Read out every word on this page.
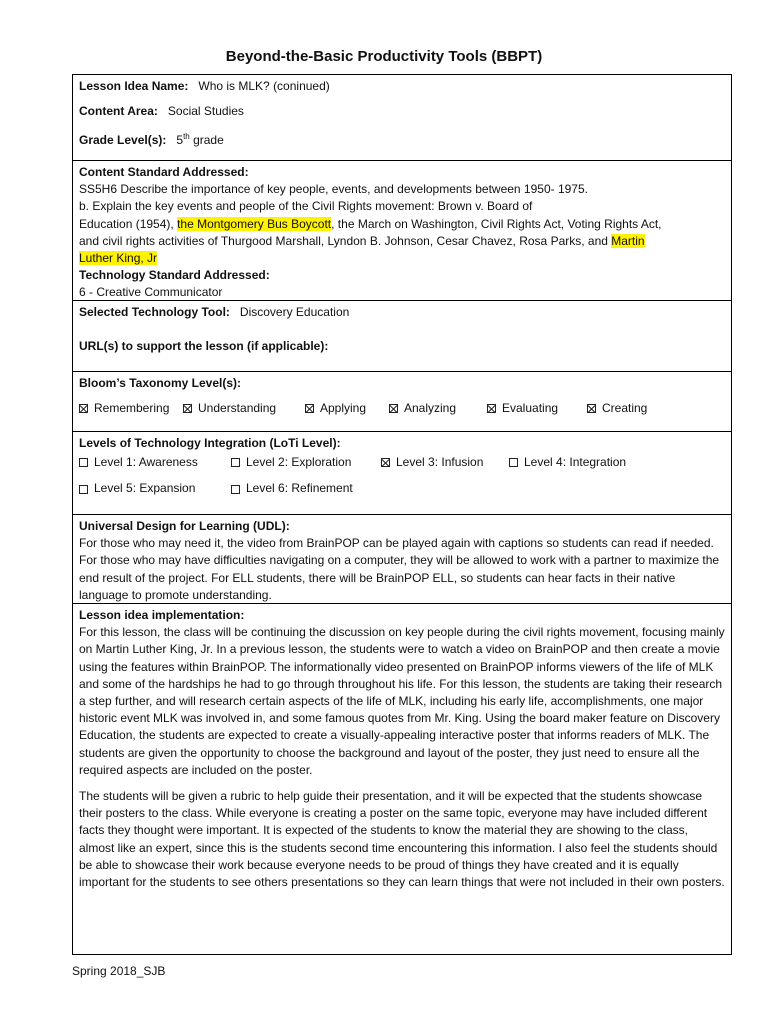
Beyond-the-Basic Productivity Tools (BBPT)
Lesson Idea Name: Who is MLK? (coninued)
Content Area: Social Studies
Grade Level(s): 5th grade
Content Standard Addressed:
SS5H6 Describe the importance of key people, events, and developments between 1950- 1975.
b. Explain the key events and people of the Civil Rights movement: Brown v. Board of
Education (1954), the Montgomery Bus Boycott, the March on Washington, Civil Rights Act, Voting Rights Act,
and civil rights activities of Thurgood Marshall, Lyndon B. Johnson, Cesar Chavez, Rosa Parks, and Martin
Luther King, Jr
Technology Standard Addressed:
6 - Creative Communicator
Selected Technology Tool: Discovery Education
URL(s) to support the lesson (if applicable):
Bloom’s Taxonomy Level(s):
Remembering Understanding	Applying	Analyzing	Evaluating	Creating
Levels of Technology Integration (LoTi Level):
Level 1: Awareness	Level 2: Exploration	Level 3: Infusion	Level 4: Integration
Level 5: Expansion	Level 6: Refinement
Universal Design for Learning (UDL):

For those who may need it, the video from BrainPOP can be played again with captions so students can read if needed. For those who may have difficulties navigating on a computer, they will be allowed to work with a partner to maximize the end result of the project. For ELL students, there will be BrainPOP ELL, so students can hear facts in their native language to promote understanding.

Lesson idea implementation:

For this lesson, the class will be continuing the discussion on key people during the civil rights movement, focusing mainly on Martin Luther King, Jr. In a previous lesson, the students were to watch a video on BrainPOP and then create a movie using the features within BrainPOP. The informationally video presented on BrainPOP informs viewers of the life of MLK and some of the hardships he had to go through throughout his life. For this lesson, the students are taking their research a step further, and will research certain aspects of the life of MLK, including his early life, accomplishments, one major historic event MLK was involved in, and some famous quotes from Mr. King. Using the board maker feature on Discovery Education, the students are expected to create a visually-appealing interactive poster that informs readers of MLK. The students are given the opportunity to choose the background and layout of the poster, they just need to ensure all the required aspects are included on the poster.

The students will be given a rubric to help guide their presentation, and it will be expected that the students showcase their posters to the class. While everyone is creating a poster on the same topic, everyone may have included different facts they thought were important. It is expected of the students to know the material they are showing to the class, almost like an expert, since this is the students second time encountering this information. I also feel the students should be able to showcase their work because everyone needs to be proud of things they have created and it is equally important for the students to see others presentations so they can learn things that were not included in their own posters.

Spring 2018_SJB
